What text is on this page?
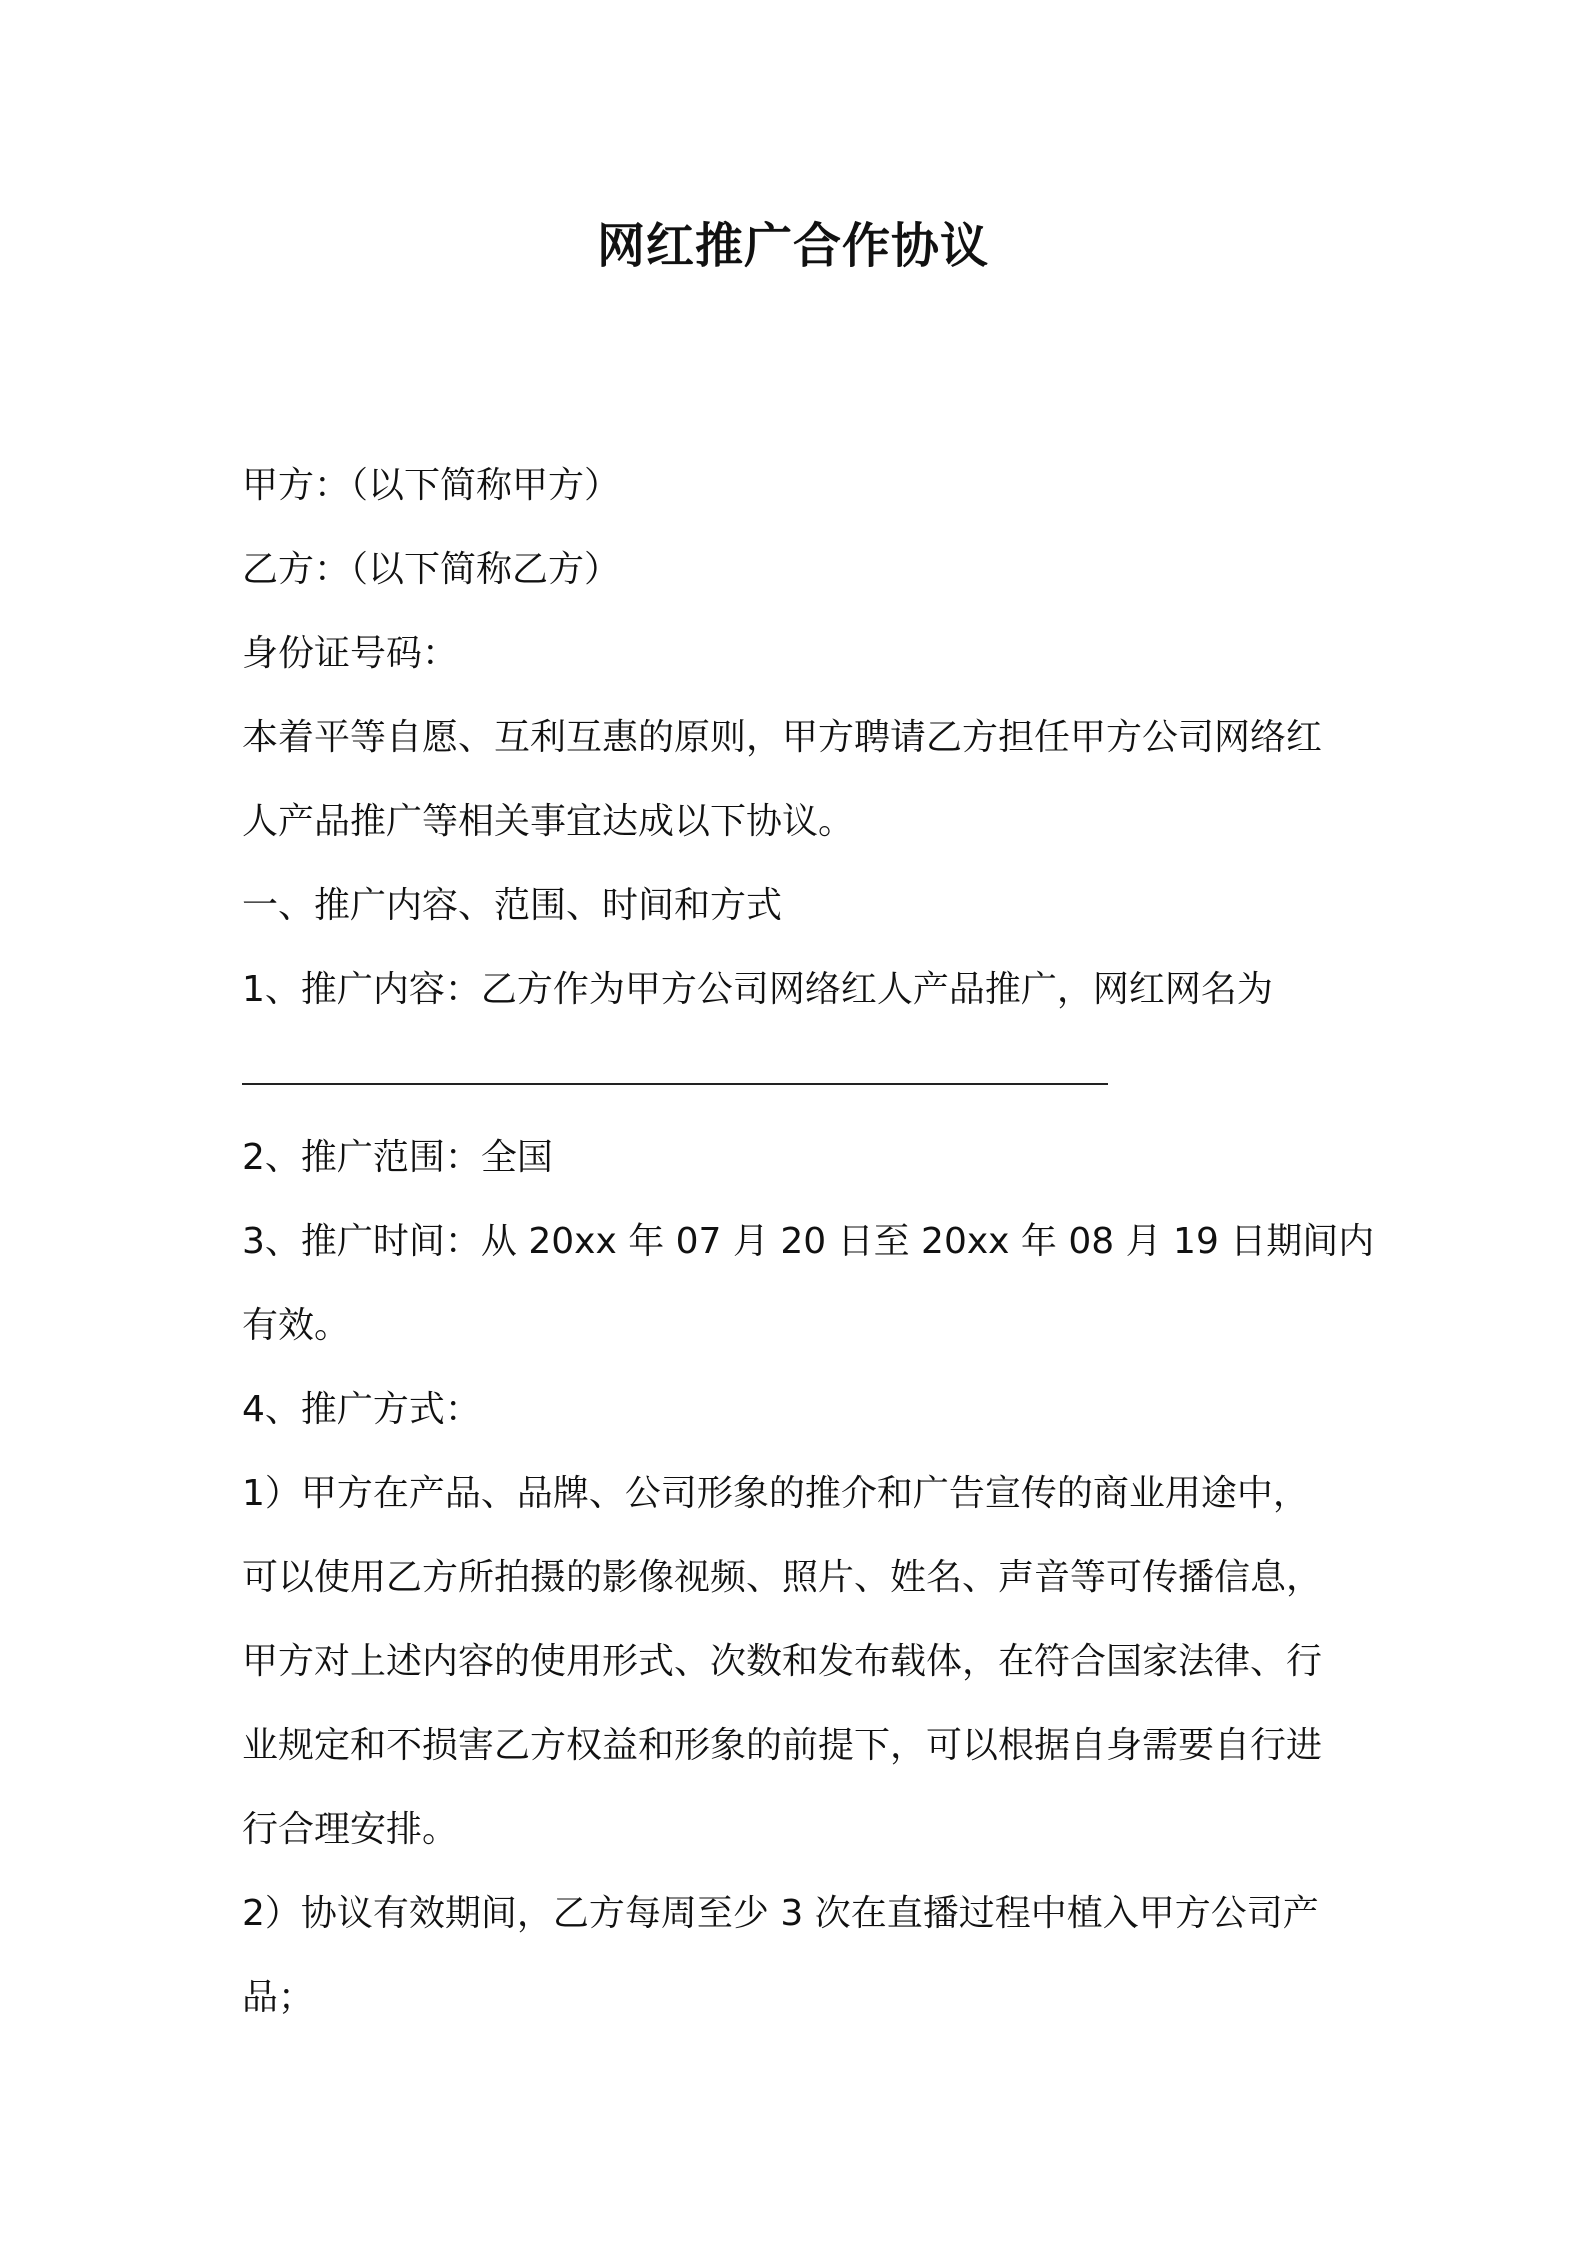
网红推广合作协议
甲方：（以下简称甲方）
乙方：（以下简称乙方）
身份证号码：
本着平等自愿、互利互惠的原则，甲方聘请乙方担任甲方公司网络红
人产品推广等相关事宜达成以下协议。
一、推广内容、范围、时间和方式
1、推广内容：乙方作为甲方公司网络红人产品推广，网红网名为
2、推广范围：全国
3、推广时间：从 20xx 年 07 月 20 日至 20xx 年 08 月 19 日期间内
有效。
4、推广方式：
1）甲方在产品、品牌、公司形象的推介和广告宣传的商业用途中，
可以使用乙方所拍摄的影像视频、照片、姓名、声音等可传播信息，
甲方对上述内容的使用形式、次数和发布载体，在符合国家法律、行
业规定和不损害乙方权益和形象的前提下，可以根据自身需要自行进
行合理安排。
2）协议有效期间，乙方每周至少 3 次在直播过程中植入甲方公司产
品；
